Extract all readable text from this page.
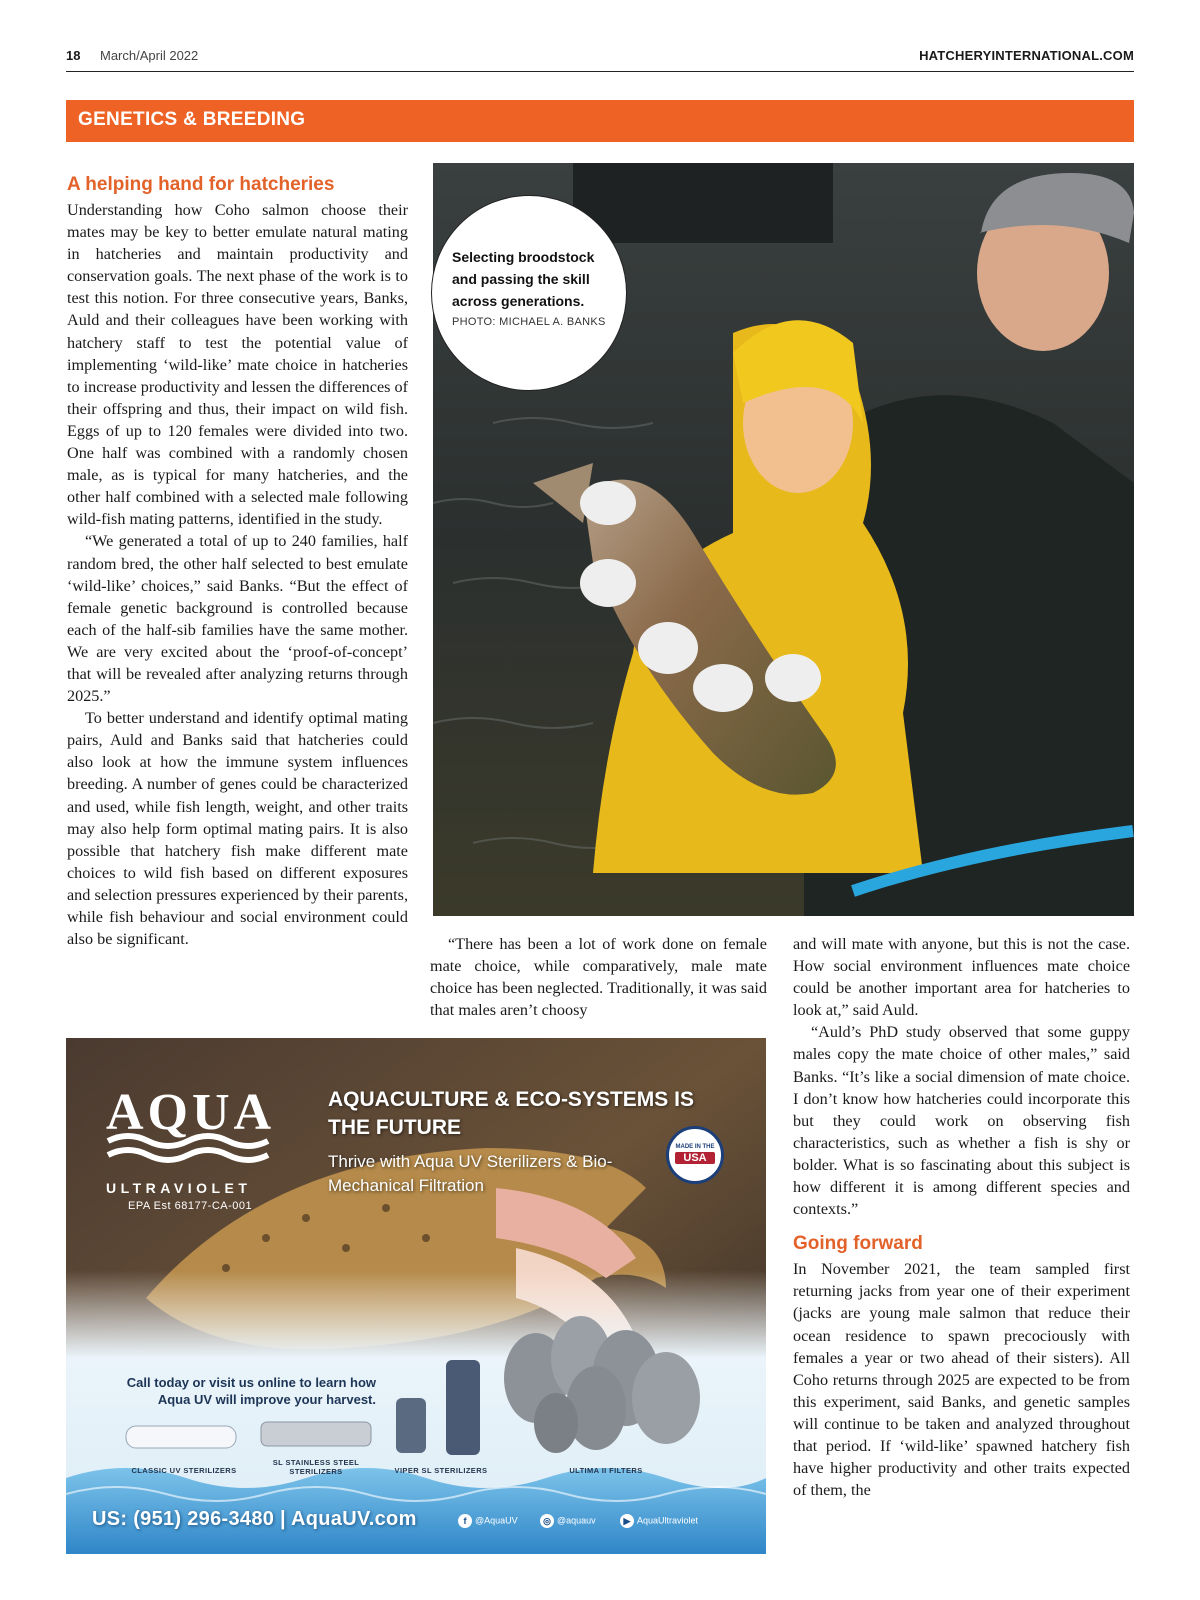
18 March/April 2022	HATCHERYINTERNATIONAL.COM
GENETICS & BREEDING
A helping hand for hatcheries

Understanding how Coho salmon choose their mates may be key to better emulate natural mating in hatcheries and maintain productivity and conservation goals. The next phase of the work is to test this notion. For three consecutive years, Banks, Auld and their colleagues have been working with hatchery staff to test the potential value of implementing ‘wild-like’ mate choice in hatcheries to increase productivity and lessen the differences of their offspring and thus, their impact on wild fish. Eggs of up to 120 females were divided into two. One half was combined with a randomly chosen male, as is typical for many hatcheries, and the other half combined with a selected male following wild-fish mating patterns, identified in the study.

“We generated a total of up to 240 families, half random bred, the other half selected to best emulate ‘wild-like’ choices,” said Banks. “But the effect of female genetic background is controlled because each of the half-sib families have the same mother. We are very excited about the ‘proof-of-concept’ that will be revealed after analyzing returns through 2025.”

To better understand and identify optimal mating pairs, Auld and Banks said that hatcheries could also look at how the immune system influences breeding. A number of genes could be characterized and used, while fish length, weight, and other traits may also help form optimal mating pairs. It is also possible that hatchery fish make different mate choices to wild fish based on different exposures and selection pressures experienced by their parents, while fish behaviour and social environment could also be significant.

Selecting broodstock and passing the skill across generations.
PHOTO: MICHAEL A. BANKS

“There has been a lot of work done on female mate choice, while comparatively, male mate choice has been neglected. Traditionally, it was said that males aren’t choosy

and will mate with anyone, but this is not the case. How social environment influences mate choice could be another important area for hatcheries to look at,” said Auld.

“Auld’s PhD study observed that some guppy males copy the mate choice of other males,” said Banks. “It’s like a social dimension of mate choice. I don’t know how hatcheries could incorporate this but they could work on observing fish characteristics, such as whether a fish is shy or bolder. What is so fascinating about this subject is how different it is among different species and contexts.”

Going forward

In November 2021, the team sampled first returning jacks from year one of their experiment (jacks are young male salmon that reduce their ocean residence to spawn precociously with females a year or two ahead of their sisters). All Coho returns through 2025 are expected to be from this experiment, said Banks, and genetic samples will continue to be taken and analyzed throughout that period. If ‘wild-like’ spawned hatchery fish have higher productivity and other traits expected of them, the

AQUA
ULTRAVIOLET
EPA Est 68177-CA-001
AQUACULTURE & ECO-SYSTEMS IS THE FUTURE
Thrive with Aqua UV Sterilizers & Bio-Mechanical Filtration
MADE IN THE
USA
Call today or visit us online to learn how Aqua UV will improve your harvest.
CLASSIC UV STERILIZERS
SL STAINLESS STEEL STERILIZERS	VIPER SL STERILIZERS	ULTIMA II FILTERS
US: (951) 296-3480 | AquaUV.com	f @AquaUV	◎ @aquauv	▶ AquaUltraviolet
